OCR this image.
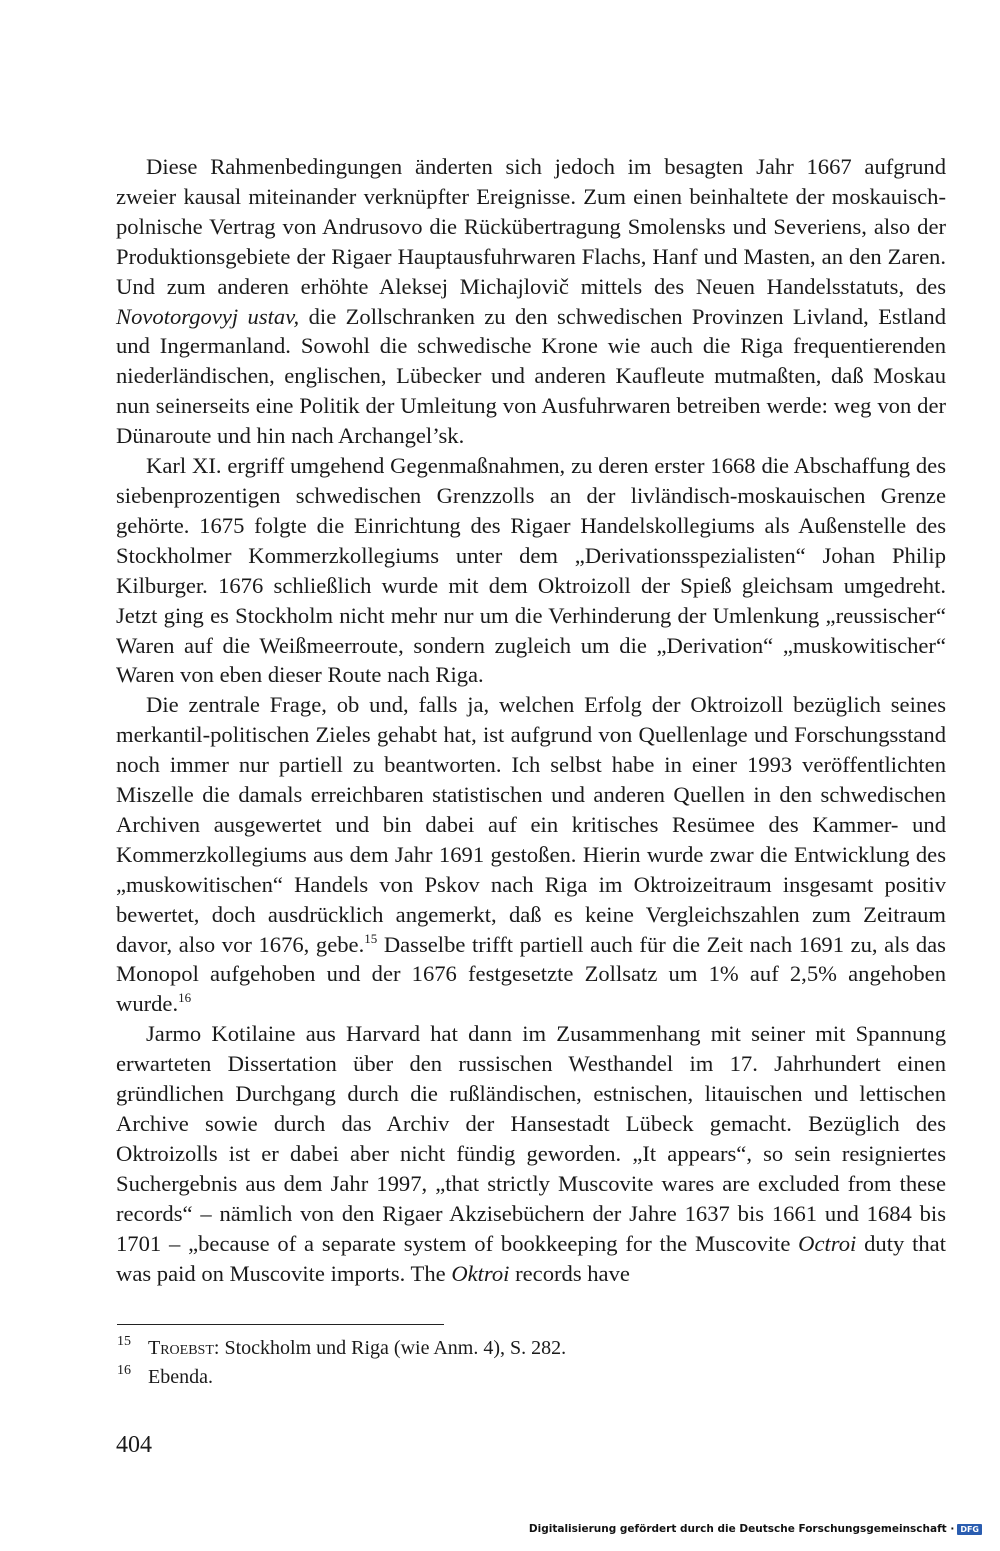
Diese Rahmenbedingungen änderten sich jedoch im besagten Jahr 1667 aufgrund zweier kausal miteinander verknüpfter Ereignisse. Zum einen beinhaltete der moskauisch-polnische Vertrag von Andrusovo die Rückübertragung Smolensks und Severiens, also der Produktionsgebiete der Rigaer Hauptausfuhrwaren Flachs, Hanf und Masten, an den Zaren. Und zum anderen erhöhte Aleksej Michajlovič mittels des Neuen Handelsstatuts, des Novotorgovyj ustav, die Zollschranken zu den schwedischen Provinzen Livland, Estland und Ingermanland. Sowohl die schwedische Krone wie auch die Riga frequentierenden niederländischen, englischen, Lübecker und anderen Kaufleute mutmaßten, daß Moskau nun seinerseits eine Politik der Umleitung von Ausfuhrwaren betreiben werde: weg von der Dünaroute und hin nach Archangel’sk.

Karl XI. ergriff umgehend Gegenmaßnahmen, zu deren erster 1668 die Abschaffung des siebenprozentigen schwedischen Grenzzolls an der livländisch-moskauischen Grenze gehörte. 1675 folgte die Einrichtung des Rigaer Handelskollegiums als Außenstelle des Stockholmer Kommerzkollegiums unter dem „Derivationsspezialisten“ Johan Philip Kilburger. 1676 schließlich wurde mit dem Oktroizoll der Spieß gleichsam umgedreht. Jetzt ging es Stockholm nicht mehr nur um die Verhinderung der Umlenkung „reussischer“ Waren auf die Weißmeerroute, sondern zugleich um die „Derivation“ „muskowitischer“ Waren von eben dieser Route nach Riga.

Die zentrale Frage, ob und, falls ja, welchen Erfolg der Oktroizoll bezüglich seines merkantil-politischen Zieles gehabt hat, ist aufgrund von Quellenlage und Forschungsstand noch immer nur partiell zu beantworten. Ich selbst habe in einer 1993 veröffentlichten Miszelle die damals erreichbaren statistischen und anderen Quellen in den schwedischen Archiven ausgewertet und bin dabei auf ein kritisches Resümee des Kammer- und Kommerzkollegiums aus dem Jahr 1691 gestoßen. Hierin wurde zwar die Entwicklung des „muskowitischen“ Handels von Pskov nach Riga im Oktroizeitraum insgesamt positiv bewertet, doch ausdrücklich angemerkt, daß es keine Vergleichszahlen zum Zeitraum davor, also vor 1676, gebe.$^{15}$ Dasselbe trifft partiell auch für die Zeit nach 1691 zu, als das Monopol aufgehoben und der 1676 festgesetzte Zollsatz um 1% auf 2,5% angehoben wurde.$^{16}$

Jarmo Kotilaine aus Harvard hat dann im Zusammenhang mit seiner mit Spannung erwarteten Dissertation über den russischen Westhandel im 17. Jahrhundert einen gründlichen Durchgang durch die rußländischen, estnischen, litauischen und lettischen Archive sowie durch das Archiv der Hansestadt Lübeck gemacht. Bezüglich des Oktroizolls ist er dabei aber nicht fündig geworden. „It appears“, so sein resigniertes Suchergebnis aus dem Jahr 1997, „that strictly Muscovite wares are excluded from these records“ – nämlich von den Rigaer Akzisebüchern der Jahre 1637 bis 1661 und 1684 bis 1701 – „because of a separate system of bookkeeping for the Muscovite Octroi duty that was paid on Muscovite imports. The Oktroi records have

15 Troebst: Stockholm und Riga (wie Anm. 4), S. 282.
16 Ebenda.
404
Digitalisierung gefördert durch die Deutsche Forschungsgemeinschaft · DFG
